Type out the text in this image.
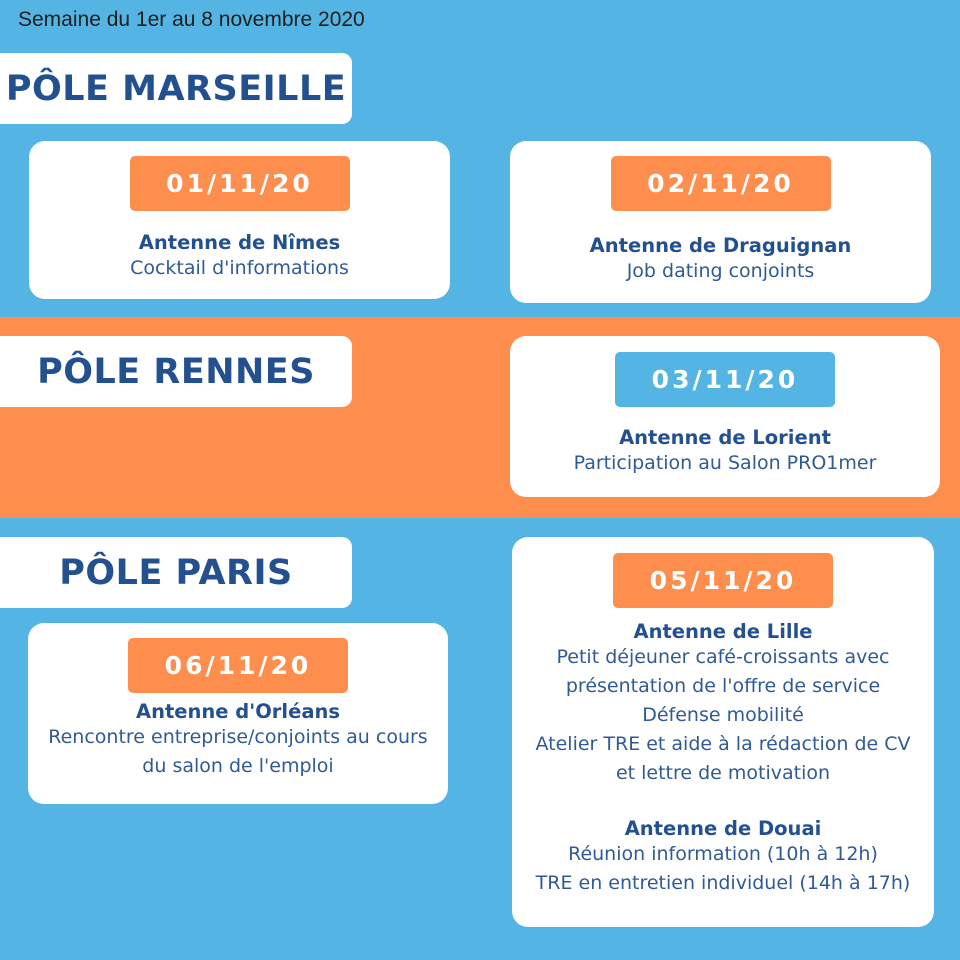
Semaine du 1er au 8 novembre 2020
PÔLE MARSEILLE
01/11/20
Antenne de Nîmes
Cocktail d'informations
02/11/20
Antenne de Draguignan
Job dating conjoints
PÔLE RENNES	03/11/20
Antenne de Lorient
Participation au Salon PRO1mer
PÔLE PARIS
06/11/20
Antenne d'Orléans
Rencontre entreprise/conjoints au cours
du salon de l'emploi
05/11/20
Antenne de Lille
Petit déjeuner café-croissants avec
présentation de l'offre de service
Défense mobilité
Atelier TRE et aide à la rédaction de CV
et lettre de motivation
Antenne de Douai
Réunion information (10h à 12h)
TRE en entretien individuel (14h à 17h)
